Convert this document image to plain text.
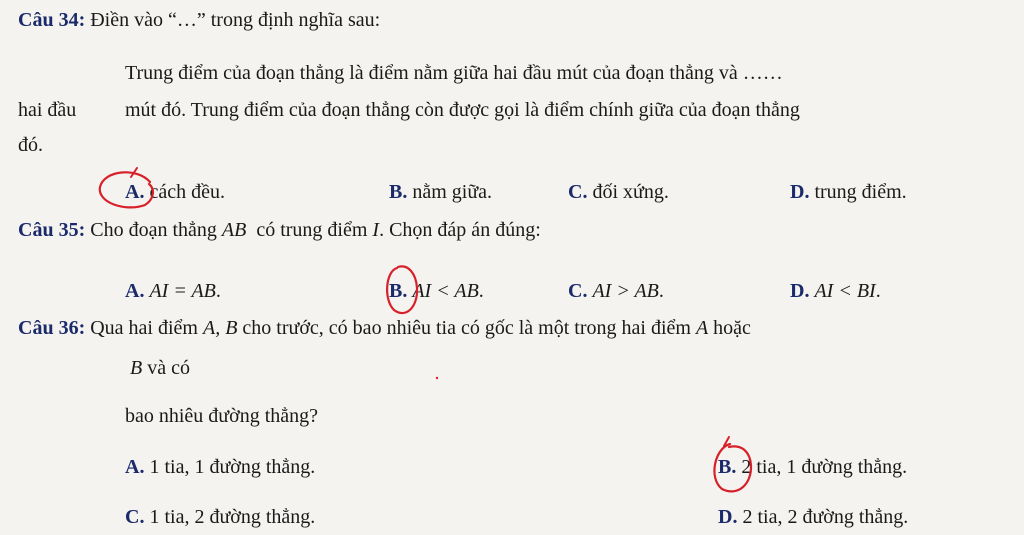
Câu 34: Điền vào “…” trong định nghĩa sau:
Trung điểm của đoạn thẳng là điểm nằm giữa hai đầu mút của đoạn thẳng và ……
hai đầu mút đó. Trung điểm của đoạn thẳng còn được gọi là điểm chính giữa của đoạn thẳng
đó.
A. cách đều.	B. nằm giữa.	C. đối xứng.	D. trung điểm.
Câu 35: Cho đoạn thẳng AB có trung điểm I. Chọn đáp án đúng:
A. AI = AB.	B. AI < AB.	C. AI > AB.	D. AI < BI.
Câu 36: Qua hai điểm A, B cho trước, có bao nhiêu tia có gốc là một trong hai điểm A hoặc
B và có
bao nhiêu đường thẳng?
A. 1 tia, 1 đường thẳng.	B. 2 tia, 1 đường thẳng.
C. 1 tia, 2 đường thẳng.	D. 2 tia, 2 đường thẳng.
